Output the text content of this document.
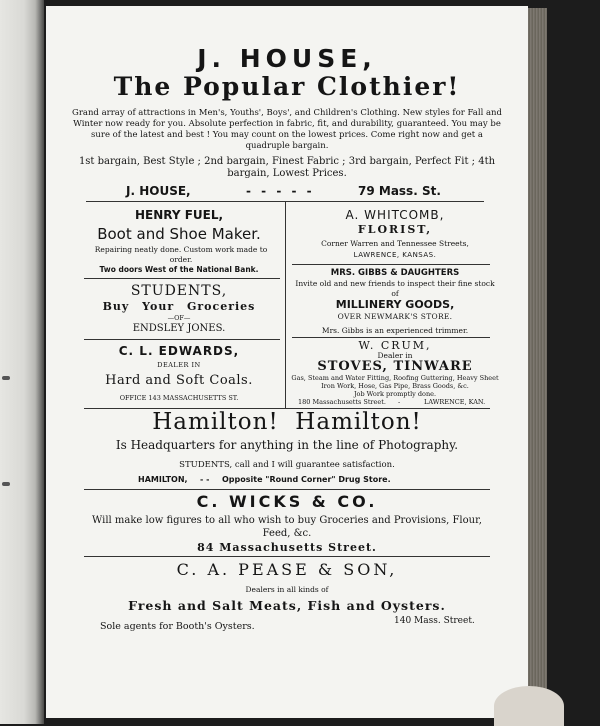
J. HOUSE,
The Popular Clothier!
Grand array of attractions in Men's, Youths', Boys', and Children's Clothing. New styles for Fall and Winter now ready for you. Absolute perfection in fabric, fit, and durability, guaranteed. You may be sure of the latest and best ! You may count on the lowest prices. Come right now and get a quadruple bargain.
1st bargain, Best Style ; 2nd bargain, Finest Fabric ; 3rd bargain, Perfect Fit ; 4th bargain, Lowest Prices.
J. HOUSE,	- - - - -	79 Mass. St.
HENRY FUEL,
Boot and Shoe Maker.
Repairing neatly done. Custom work made to order.
Two doors West of the National Bank.
A. WHITCOMB,
FLORIST,
Corner Warren and Tennessee Streets,
LAWRENCE, KANSAS.
STUDENTS,
Buy Your Groceries
—OF—
ENDSLEY JONES.
MRS. GIBBS & DAUGHTERS
Invite old and new friends to inspect their fine stock of
MILLINERY GOODS,
OVER NEWMARK'S STORE.
Mrs. Gibbs is an experienced trimmer.
C. L. EDWARDS,
DEALER IN
Hard and Soft Coals.
OFFICE 143 MASSACHUSETTS ST.
W. CRUM,
Dealer in
STOVES, TINWARE
Gas, Steam and Water Fitting, Roofing Guttering, Heavy Sheet Iron Work, Hose, Gas Pipe, Brass Goods, &c.
Job Work promptly done.
180 Massachusetts Street. -	LAWRENCE, KAN.
Hamilton!  Hamilton!
Is Headquarters for anything in the line of Photography.
STUDENTS, call and I will guarantee satisfaction.
HAMILTON, - - Opposite "Round Corner" Drug Store.
C. WICKS & CO.
Will make low figures to all who wish to buy Groceries and Provisions, Flour, Feed, &c.
84 Massachusetts Street.
C. A. PEASE & SON,
Dealers in all kinds of
Fresh and Salt Meats, Fish and Oysters.
Sole agents for Booth's Oysters.	140 Mass. Street.
